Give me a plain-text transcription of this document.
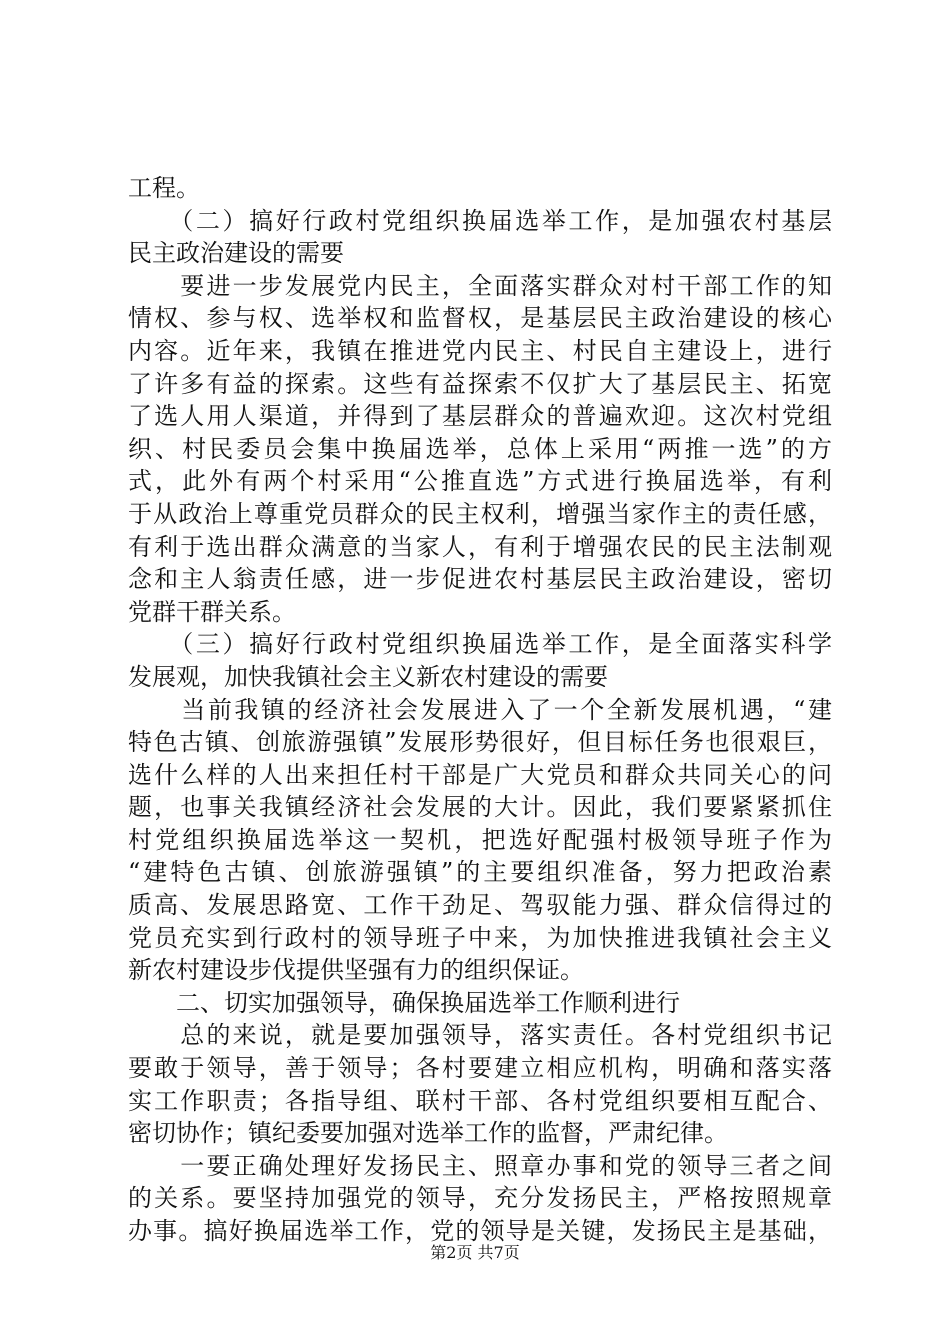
工程。
　　（二）搞好行政村党组织换届选举工作，是加强农村基层
民主政治建设的需要
　　要进一步发展党内民主，全面落实群众对村干部工作的知
情权、参与权、选举权和监督权，是基层民主政治建设的核心
内容。近年来，我镇在推进党内民主、村民自主建设上，进行
了许多有益的探索。这些有益探索不仅扩大了基层民主、拓宽
了选人用人渠道，并得到了基层群众的普遍欢迎。这次村党组
织、村民委员会集中换届选举，总体上采用“两推一选”的方
式，此外有两个村采用“公推直选”方式进行换届选举，有利
于从政治上尊重党员群众的民主权利，增强当家作主的责任感，
有利于选出群众满意的当家人，有利于增强农民的民主法制观
念和主人翁责任感，进一步促进农村基层民主政治建设，密切
党群干群关系。
　　（三）搞好行政村党组织换届选举工作，是全面落实科学
发展观，加快我镇社会主义新农村建设的需要
　　当前我镇的经济社会发展进入了一个全新发展机遇，“建
特色古镇、创旅游强镇”发展形势很好，但目标任务也很艰巨，
选什么样的人出来担任村干部是广大党员和群众共同关心的问
题，也事关我镇经济社会发展的大计。因此，我们要紧紧抓住
村党组织换届选举这一契机，把选好配强村极领导班子作为
“建特色古镇、创旅游强镇”的主要组织准备，努力把政治素
质高、发展思路宽、工作干劲足、驾驭能力强、群众信得过的
党员充实到行政村的领导班子中来，为加快推进我镇社会主义
新农村建设步伐提供坚强有力的组织保证。
　　二、切实加强领导，确保换届选举工作顺利进行
　　总的来说，就是要加强领导，落实责任。各村党组织书记
要敢于领导，善于领导；各村要建立相应机构，明确和落实落
实工作职责；各指导组、联村干部、各村党组织要相互配合、
密切协作；镇纪委要加强对选举工作的监督，严肃纪律。
　　一要正确处理好发扬民主、照章办事和党的领导三者之间
的关系。要坚持加强党的领导，充分发扬民主，严格按照规章
办事。搞好换届选举工作，党的领导是关键，发扬民主是基础，
第2页 共7页
